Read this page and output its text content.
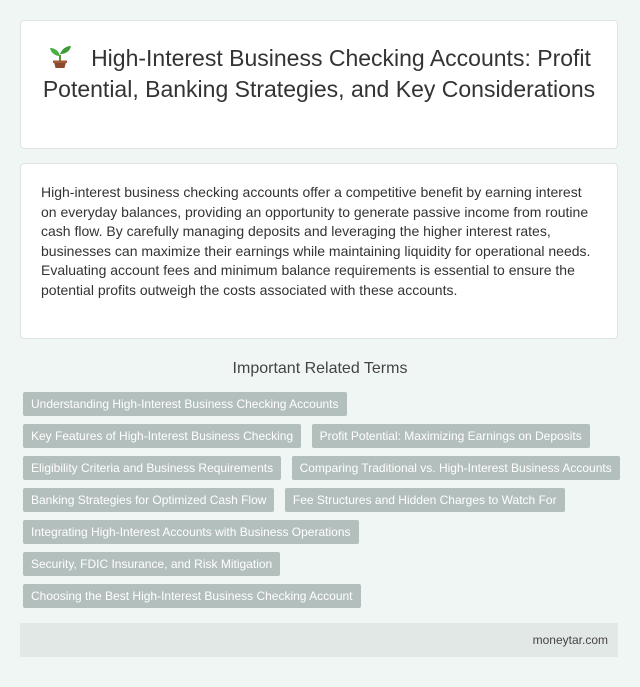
High-Interest Business Checking Accounts: Profit Potential, Banking Strategies, and Key Considerations

High-interest business checking accounts offer a competitive benefit by earning interest on everyday balances, providing an opportunity to generate passive income from routine cash flow. By carefully managing deposits and leveraging the higher interest rates, businesses can maximize their earnings while maintaining liquidity for operational needs. Evaluating account fees and minimum balance requirements is essential to ensure the potential profits outweigh the costs associated with these accounts.

Important Related Terms
Understanding High-Interest Business Checking Accounts
Key Features of High-Interest Business Checking Profit Potential: Maximizing Earnings on Deposits
Eligibility Criteria and Business Requirements Comparing Traditional vs. High-Interest Business Accounts
Banking Strategies for Optimized Cash Flow Fee Structures and Hidden Charges to Watch For
Integrating High-Interest Accounts with Business Operations
Security, FDIC Insurance, and Risk Mitigation
Choosing the Best High-Interest Business Checking Account
moneytar.com
